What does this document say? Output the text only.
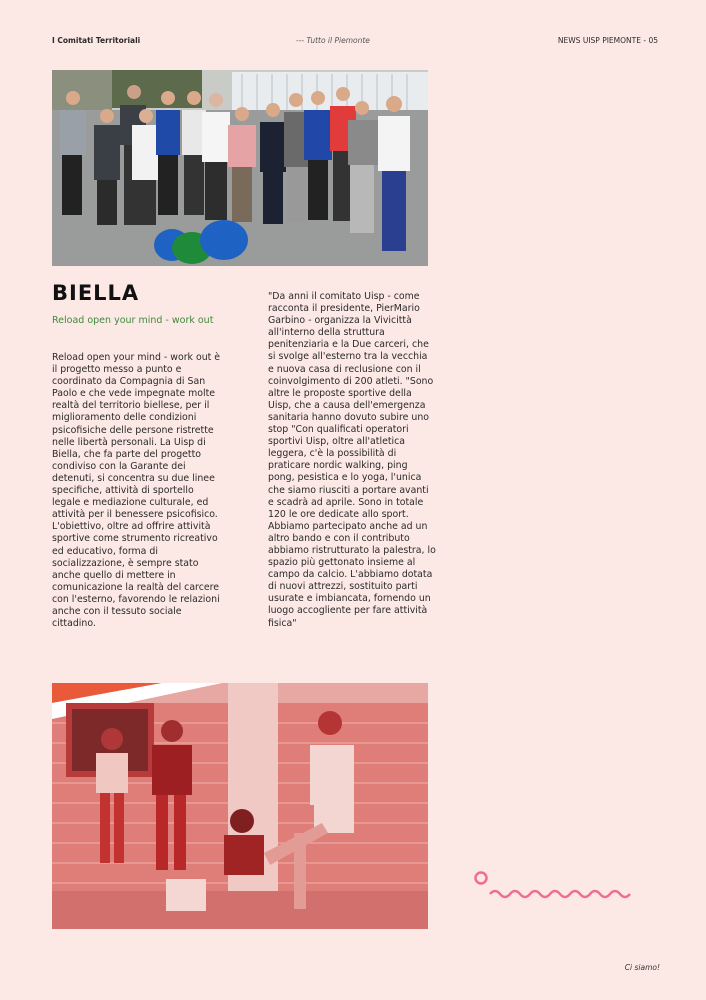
I Comitati Territoriali	--- Tutto il Piemonte	NEWS UISP PIEMONTE - 05
BIELLA
Reload open your mind - work out
Reload open your mind - work out è il progetto messo a punto e coordinato da Compagnia di San Paolo e che vede impegnate molte realtà del territorio biellese, per il miglioramento delle condizioni psicofisiche delle persone ristrette nelle libertà personali. La Uisp di Biella, che fa parte del progetto condiviso con la Garante dei detenuti, si concentra su due linee specifiche, attività di sportello legale e mediazione culturale, ed attività per il benessere psicofisico. L'obiettivo, oltre ad offrire attività sportive come strumento ricreativo ed educativo, forma di socializzazione, è sempre stato anche quello di mettere in comunicazione la realtà del carcere con l'esterno, favorendo le relazioni anche con il tessuto sociale cittadino.
"Da anni il comitato Uisp - come racconta il presidente, PierMario Garbino - organizza la Vivicittà all'interno della struttura penitenziaria e la Due carceri, che si svolge all'esterno tra la vecchia e nuova casa di reclusione con il coinvolgimento di 200 atleti. "Sono altre le proposte sportive della Uisp, che a causa dell'emergenza sanitaria hanno dovuto subire uno stop "Con qualificati operatori sportivi Uisp, oltre all'atletica leggera, c'è la possibilità di praticare nordic walking, ping pong, pesistica e lo yoga, l'unica che siamo riusciti a portare avanti e scadrà ad aprile. Sono in totale 120 le ore dedicate allo sport. Abbiamo partecipato anche ad un altro bando e con il contributo abbiamo ristrutturato la palestra, lo spazio più gettonato insieme al campo da calcio. L'abbiamo dotata di nuovi attrezzi, sostituito parti usurate e imbiancata, fornendo un luogo accogliente per fare attività fisica"
Ci siamo!
